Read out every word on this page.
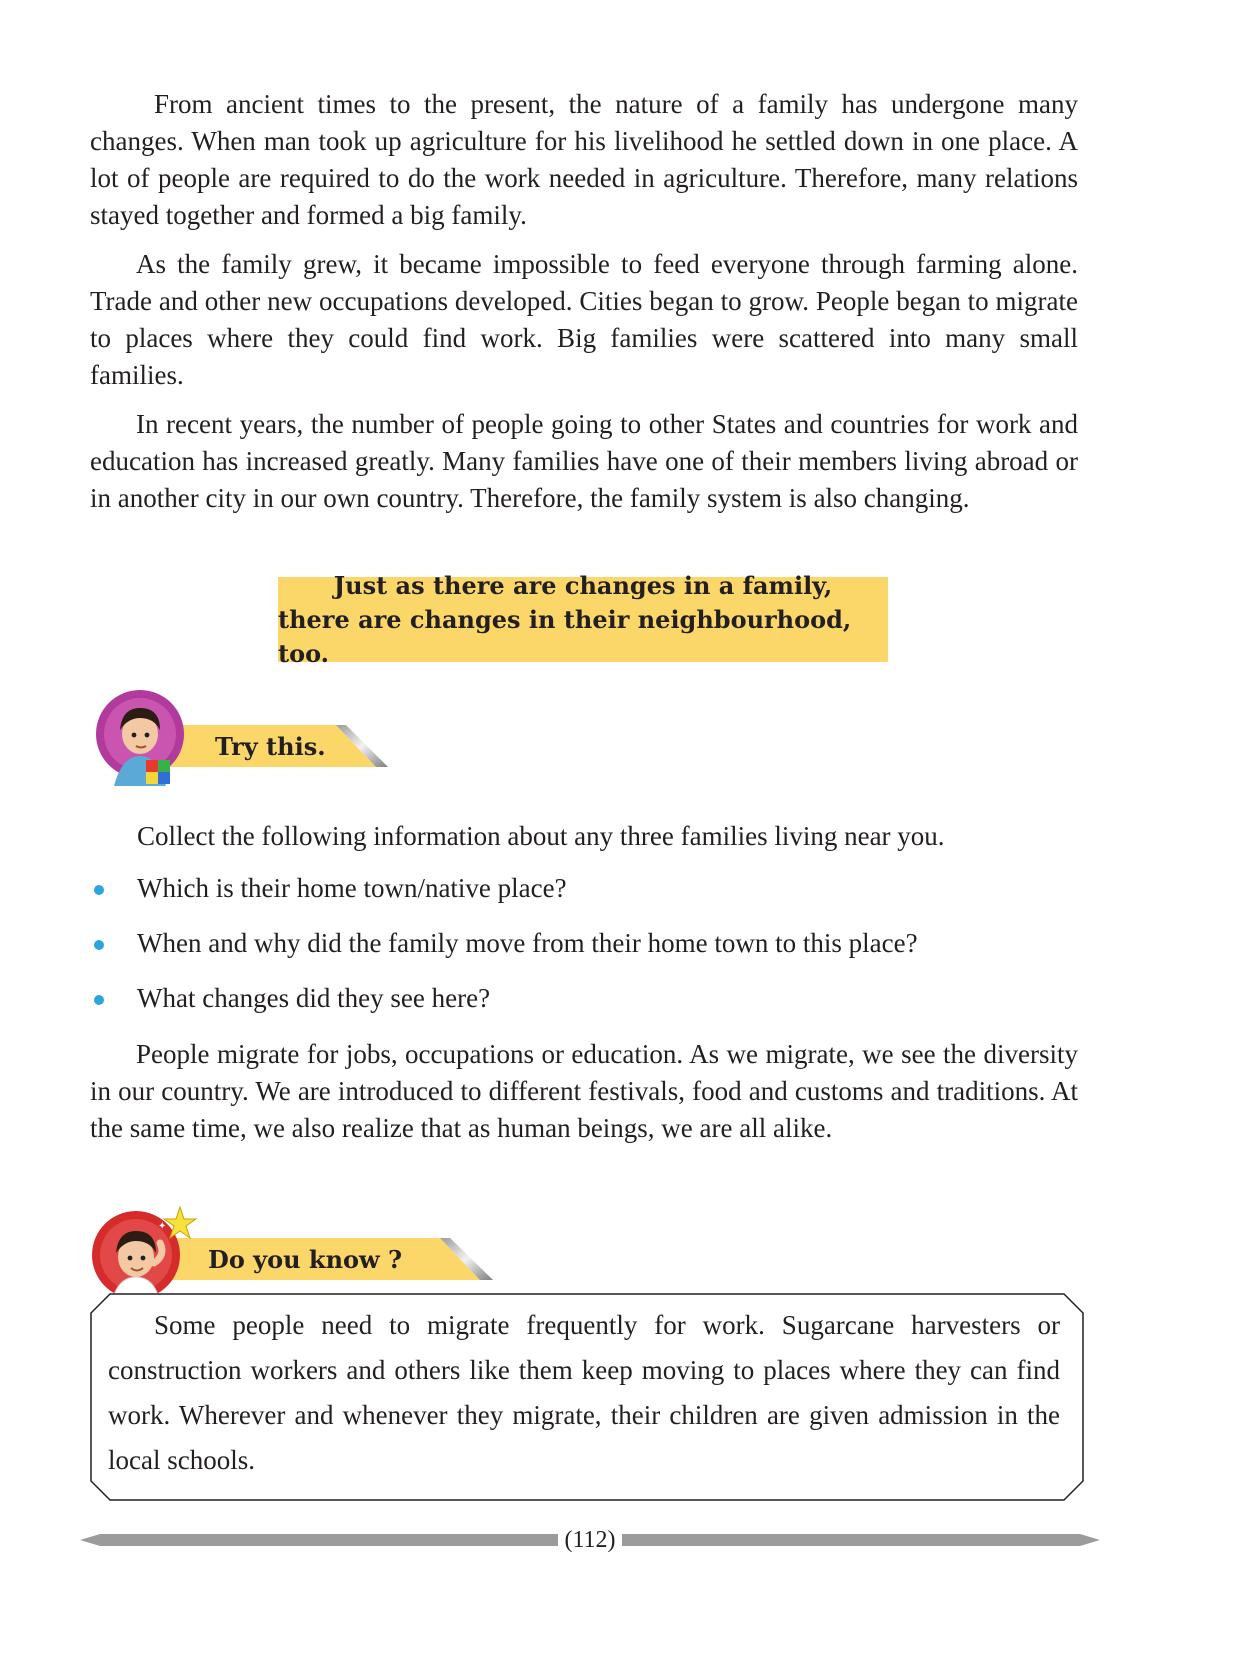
From ancient times to the present, the nature of a family has undergone many changes. When man took up agriculture for his livelihood he settled down in one place. A lot of people are required to do the work needed in agriculture. Therefore, many relations stayed together and formed a big family.

As the family grew, it became impossible to feed everyone through farming alone. Trade and other new occupations developed. Cities began to grow. People began to migrate to places where they could find work. Big families were scattered into many small families.

In recent years, the number of people going to other States and countries for work and education has increased greatly. Many families have one of their members living abroad or in another city in our own country. Therefore, the family system is also changing.

Just as there are changes in a family,
there are changes in their neighbourhood, too.
Try this.

Collect the following information about any three families living near you.

Which is their home town/native place?
When and why did the family move from their home town to this place?
What changes did they see here?

People migrate for jobs, occupations or education. As we migrate, we see the diversity in our country. We are introduced to different festivals, food and customs and traditions. At the same time, we also realize that as human beings, we are all alike.

Do you know ?
✦

Some people need to migrate frequently for work. Sugarcane harvesters or construction workers and others like them keep moving to places where they can find work. Wherever and whenever they migrate, their children are given admission in the local schools.

(112)
